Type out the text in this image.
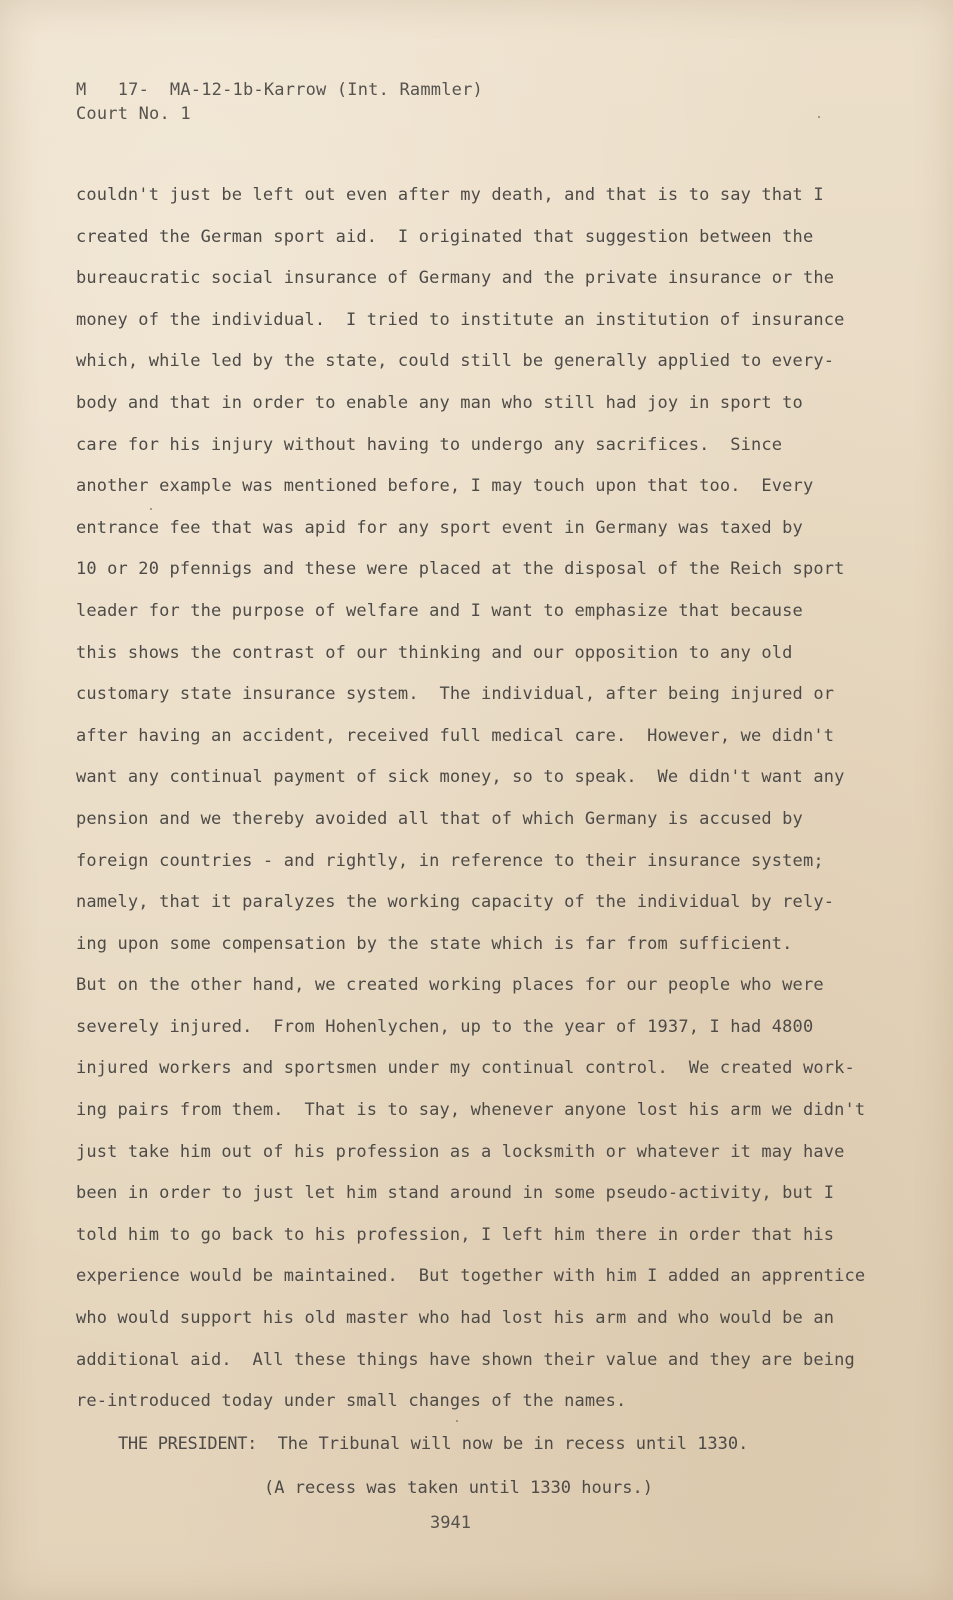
M   17-  MA-12-1b-Karrow (Int. Rammler)
Court No. 1
couldn't just be left out even after my death, and that is to say that I
created the German sport aid.  I originated that suggestion between the
bureaucratic social insurance of Germany and the private insurance or the
money of the individual.  I tried to institute an institution of insurance
which, while led by the state, could still be generally applied to every-
body and that in order to enable any man who still had joy in sport to
care for his injury without having to undergo any sacrifices.  Since
another example was mentioned before, I may touch upon that too.  Every
entrance fee that was apid for any sport event in Germany was taxed by
10 or 20 pfennigs and these were placed at the disposal of the Reich sport
leader for the purpose of welfare and I want to emphasize that because
this shows the contrast of our thinking and our opposition to any old
customary state insurance system.  The individual, after being injured or
after having an accident, received full medical care.  However, we didn't
want any continual payment of sick money, so to speak.  We didn't want any
pension and we thereby avoided all that of which Germany is accused by
foreign countries - and rightly, in reference to their insurance system;
namely, that it paralyzes the working capacity of the individual by rely-
ing upon some compensation by the state which is far from sufficient.
But on the other hand, we created working places for our people who were
severely injured.  From Hohenlychen, up to the year of 1937, I had 4800
injured workers and sportsmen under my continual control.  We created work-
ing pairs from them.  That is to say, whenever anyone lost his arm we didn't
just take him out of his profession as a locksmith or whatever it may have
been in order to just let him stand around in some pseudo-activity, but I
told him to go back to his profession, I left him there in order that his
experience would be maintained.  But together with him I added an apprentice
who would support his old master who had lost his arm and who would be an
additional aid.  All these things have shown their value and they are being
re-introduced today under small changes of the names.
THE PRESIDENT:  The Tribunal will now be in recess until 1330.
(A recess was taken until 1330 hours.)
3941
